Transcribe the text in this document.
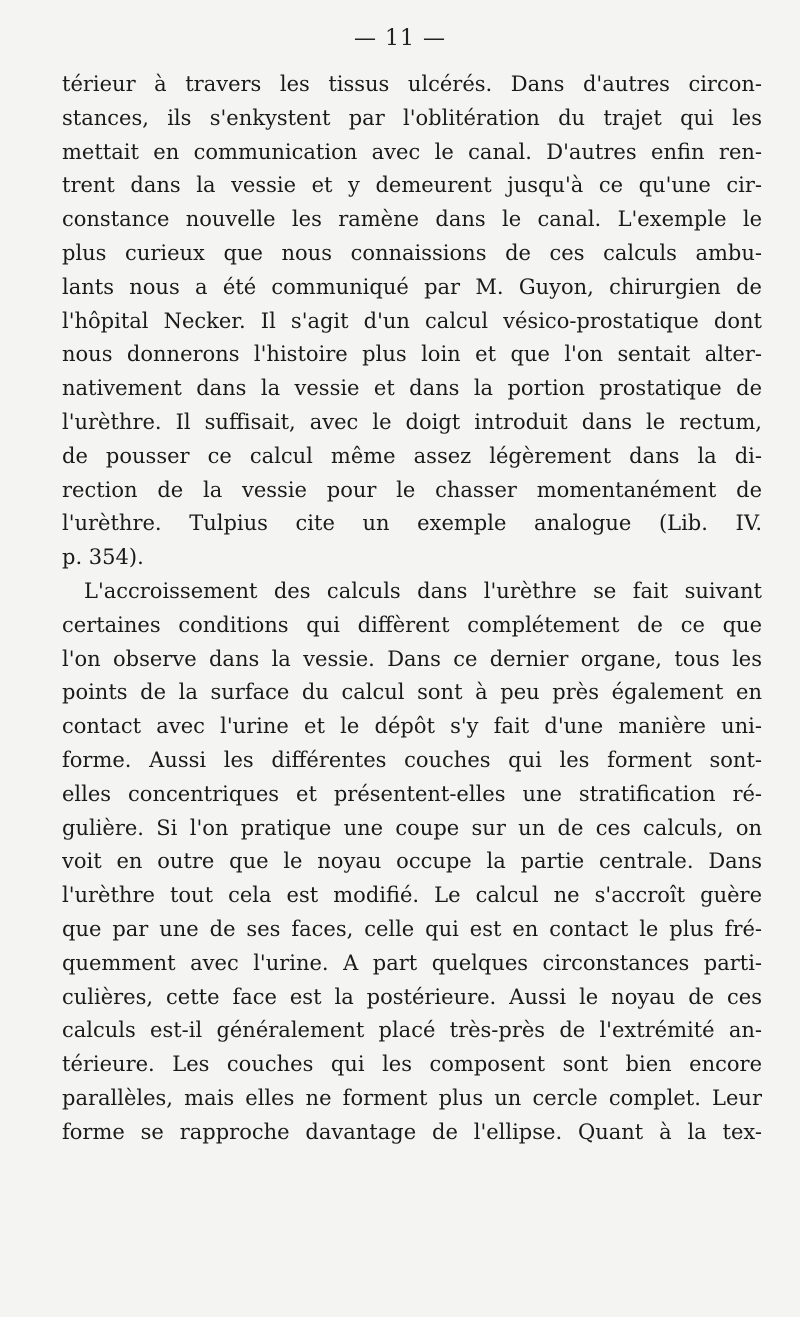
— 11 —
térieur à travers les tissus ulcérés. Dans d'autres circon-
stances, ils s'enkystent par l'oblitération du trajet qui les
mettait en communication avec le canal. D'autres enfin ren-
trent dans la vessie et y demeurent jusqu'à ce qu'une cir-
constance nouvelle les ramène dans le canal. L'exemple le
plus curieux que nous connaissions de ces calculs ambu-
lants nous a été communiqué par M. Guyon, chirurgien de
l'hôpital Necker. Il s'agit d'un calcul vésico-prostatique dont
nous donnerons l'histoire plus loin et que l'on sentait alter-
nativement dans la vessie et dans la portion prostatique de
l'urèthre. Il suffisait, avec le doigt introduit dans le rectum,
de pousser ce calcul même assez légèrement dans la di-
rection de la vessie pour le chasser momentanément de
l'urèthre. Tulpius cite un exemple analogue (Lib. IV.
p. 354).
L'accroissement des calculs dans l'urèthre se fait suivant
certaines conditions qui diffèrent complétement de ce que
l'on observe dans la vessie. Dans ce dernier organe, tous les
points de la surface du calcul sont à peu près également en
contact avec l'urine et le dépôt s'y fait d'une manière uni-
forme. Aussi les différentes couches qui les forment sont-
elles concentriques et présentent-elles une stratification ré-
gulière. Si l'on pratique une coupe sur un de ces calculs, on
voit en outre que le noyau occupe la partie centrale. Dans
l'urèthre tout cela est modifié. Le calcul ne s'accroît guère
que par une de ses faces, celle qui est en contact le plus fré-
quemment avec l'urine. A part quelques circonstances parti-
culières, cette face est la postérieure. Aussi le noyau de ces
calculs est-il généralement placé très-près de l'extrémité an-
térieure. Les couches qui les composent sont bien encore
parallèles, mais elles ne forment plus un cercle complet. Leur
forme se rapproche davantage de l'ellipse. Quant à la tex-
